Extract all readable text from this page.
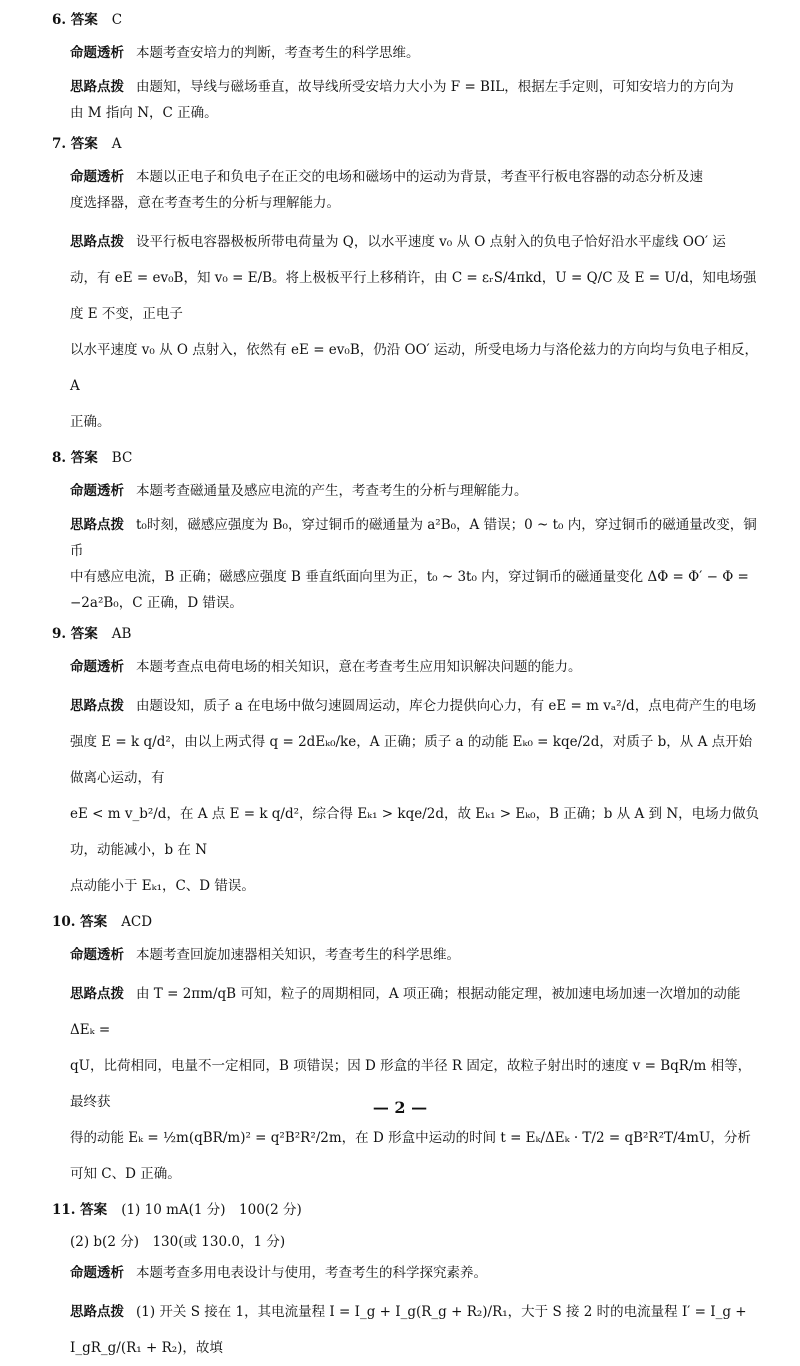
6. 答案 C
命题透析 本题考查安培力的判断，考查考生的科学思维。
思路点拨 由题知，导线与磁场垂直，故导线所受安培力大小为 F = BIL，根据左手定则，可知安培力的方向为
由 M 指向 N，C 正确。
7. 答案 A
命题透析 本题以正电子和负电子在正交的电场和磁场中的运动为背景，考查平行板电容器的动态分析及速
度选择器，意在考查考生的分析与理解能力。
思路点拨 设平行板电容器极板所带电荷量为 Q，以水平速度 v₀ 从 O 点射入的负电子恰好沿水平虚线 OO′ 运
动，有 eE = ev₀B，知 v₀ = E/B。将上极板平行上移稍许，由 C = εᵣS/4πkd，U = Q/C 及 E = U/d，知电场强度 E 不变，正电子
以水平速度 v₀ 从 O 点射入，依然有 eE = ev₀B，仍沿 OO′ 运动，所受电场力与洛伦兹力的方向均与负电子相反，A
正确。
8. 答案 BC
命题透析 本题考查磁通量及感应电流的产生，考查考生的分析与理解能力。
思路点拨 t₀时刻，磁感应强度为 B₀，穿过铜币的磁通量为 a²B₀，A 错误；0 ~ t₀ 内，穿过铜币的磁通量改变，铜币
中有感应电流，B 正确；磁感应强度 B 垂直纸面向里为正，t₀ ~ 3t₀ 内，穿过铜币的磁通量变化 ΔΦ = Φ′ − Φ =
−2a²B₀，C 正确，D 错误。
9. 答案 AB
命题透析 本题考查点电荷电场的相关知识，意在考查考生应用知识解决问题的能力。
思路点拨 由题设知，质子 a 在电场中做匀速圆周运动，库仑力提供向心力，有 eE = m vₐ²/d，点电荷产生的电场
强度 E = k q/d²，由以上两式得 q = 2dEₖ₀/ke，A 正确；质子 a 的动能 Eₖ₀ = kqe/2d，对质子 b，从 A 点开始做离心运动，有
eE < m v_b²/d，在 A 点 E = k q/d²，综合得 Eₖ₁ > kqe/2d，故 Eₖ₁ > Eₖ₀，B 正确；b 从 A 到 N，电场力做负功，动能减小，b 在 N
点动能小于 Eₖ₁，C、D 错误。
10. 答案 ACD
命题透析 本题考查回旋加速器相关知识，考查考生的科学思维。
思路点拨 由 T = 2πm/qB 可知，粒子的周期相同，A 项正确；根据动能定理，被加速电场加速一次增加的动能 ΔEₖ =
qU，比荷相同，电量不一定相同，B 项错误；因 D 形盒的半径 R 固定，故粒子射出时的速度 v = BqR/m 相等，最终获
得的动能 Eₖ = ½m(qBR/m)² = q²B²R²/2m，在 D 形盒中运动的时间 t = Eₖ/ΔEₖ · T/2 = qB²R²T/4mU，分析可知 C、D 正确。
11. 答案 (1) 10 mA(1 分)　100(2 分)
(2) b(2 分)　130(或 130.0，1 分)
命题透析 本题考查多用电表设计与使用，考查考生的科学探究素养。
思路点拨 (1) 开关 S 接在 1，其电流量程 I = I_g + I_g(R_g + R₂)/R₁，大于 S 接 2 时的电流量程 I′ = I_g + I_gR_g/(R₁ + R₂)，故填
— 2 —
